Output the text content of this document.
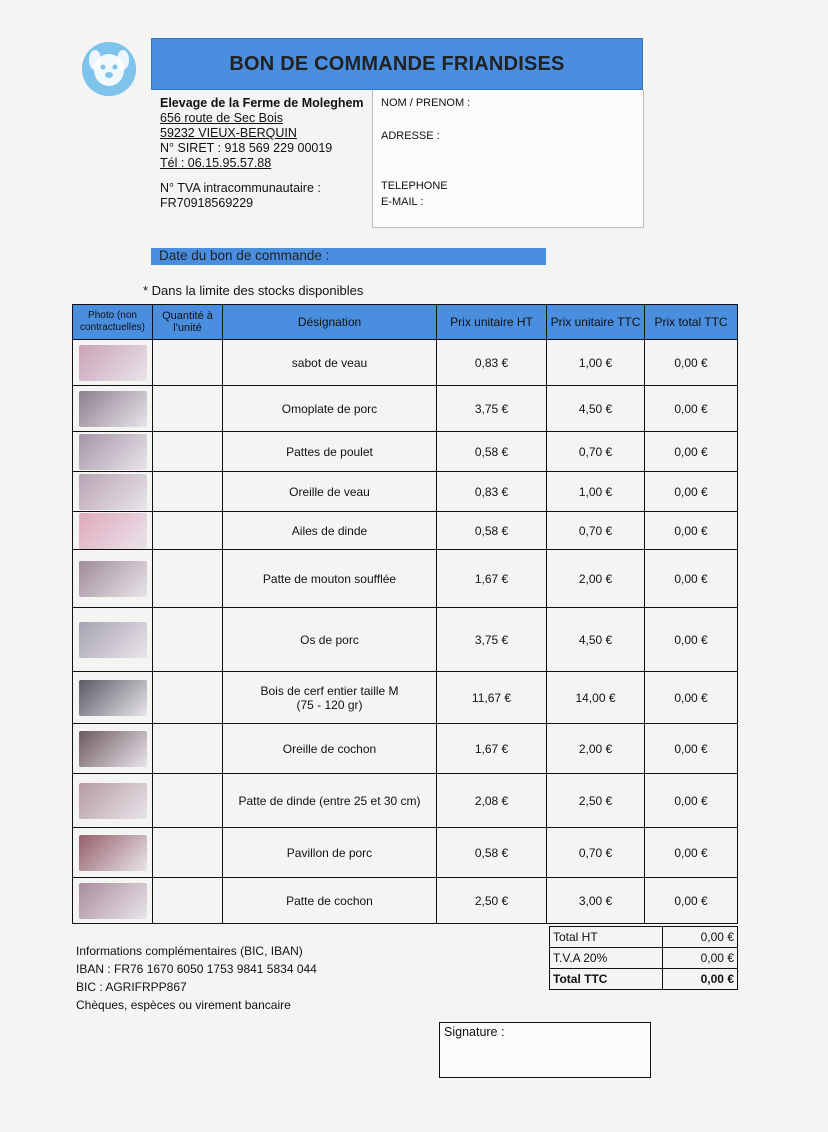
BON DE COMMANDE FRIANDISES
Elevage de la Ferme de Moleghem
656 route de Sec Bois
59232 VIEUX-BERQUIN
N° SIRET : 918 569 229 00019
Tél : 06.15.95.57.88
N° TVA intracommunautaire :
FR70918569229
NOM / PRENOM :
ADRESSE :
TELEPHONE
E-MAIL :
Date du bon de commande :
* Dans la limite des stocks disponibles
Photo (non contractuelles)	Quantité à l'unité	Désignation	Prix unitaire HT	Prix unitaire TTC	Prix total TTC

		sabot de veau	0,83 €	1,00 €	0,00 €

		Omoplate de porc	3,75 €	4,50 €	0,00 €

		Pattes de poulet	0,58 €	0,70 €	0,00 €

		Oreille de veau	0,83 €	1,00 €	0,00 €

		Ailes de dinde	0,58 €	0,70 €	0,00 €

		Patte de mouton soufflée	1,67 €	2,00 €	0,00 €

		Os de porc	3,75 €	4,50 €	0,00 €

		Bois de cerf entier taille M
(75 - 120 gr)	11,67 €	14,00 €	0,00 €

		Oreille de cochon	1,67 €	2,00 €	0,00 €

		Patte de dinde (entre 25 et 30 cm)	2,08 €	2,50 €	0,00 €

		Pavillon de porc	0,58 €	0,70 €	0,00 €

		Patte de cochon	2,50 €	3,00 €	0,00 €
Total HT	0,00 €
T.V.A 20%	0,00 €
Total TTC	0,00 €
Informations complémentaires (BIC, IBAN)
IBAN : FR76 1670 6050 1753 9841 5834 044
BIC : AGRIFRPP867
Chèques, espèces ou virement bancaire
Signature :
